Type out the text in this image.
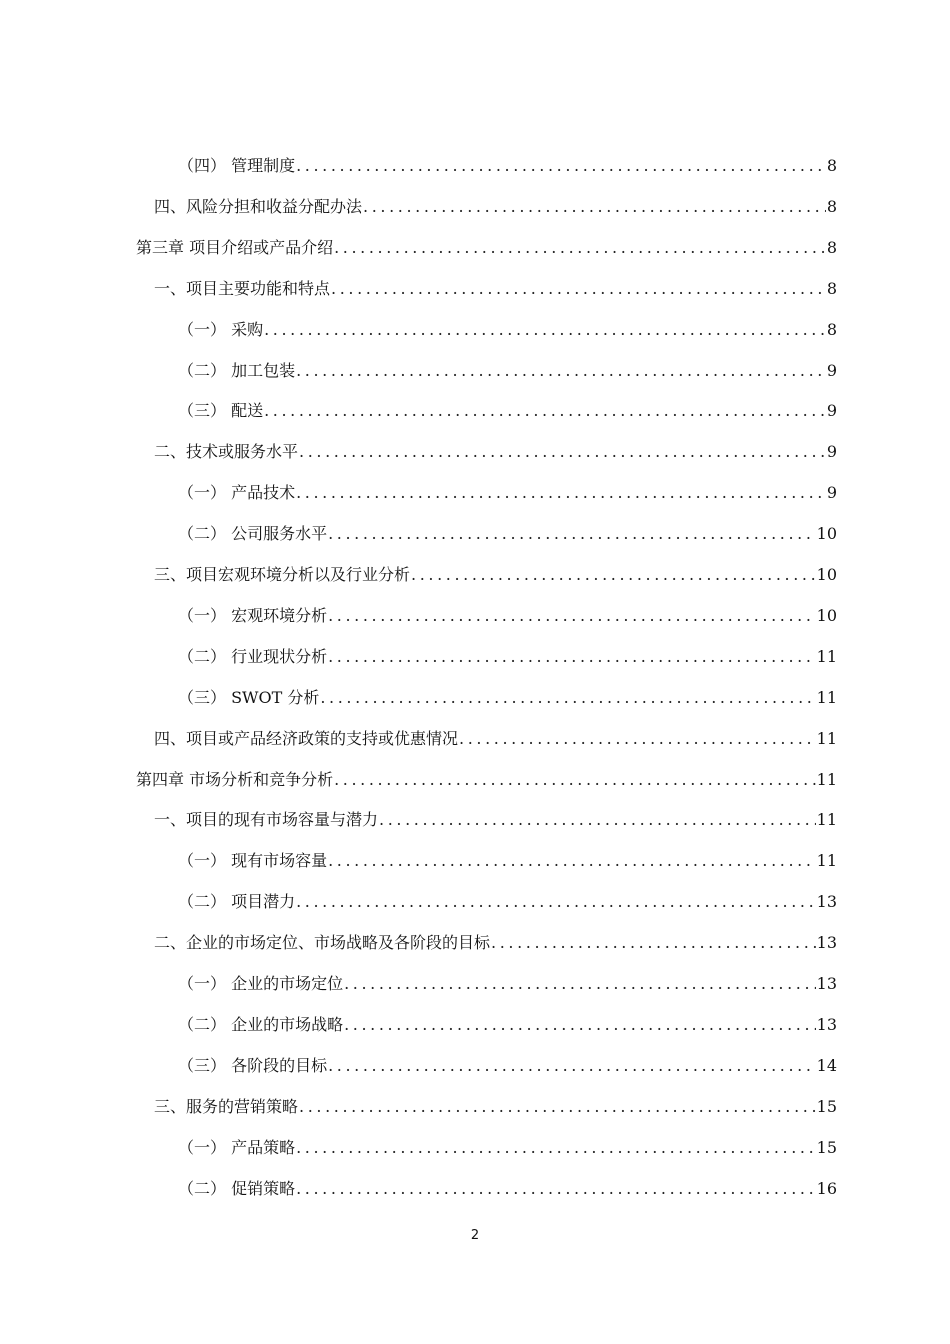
（四） 管理制度 .....	8
四、风险分担和收益分配办法 .....	8
第三章 项目介绍或产品介绍 .....	8
一、项目主要功能和特点 .....	8
（一） 采购 .....	8
（二） 加工包装 .....	9
（三） 配送 .....	9
二、技术或服务水平 .....	9
（一） 产品技术 .....	9
（二） 公司服务水平 .....	10
三、项目宏观环境分析以及行业分析 .....	10
（一） 宏观环境分析 .....	10
（二） 行业现状分析 .....	11
（三） SWOT 分析 .....	11
四、项目或产品经济政策的支持或优惠情况 .....	11
第四章 市场分析和竞争分析 .....	11
一、项目的现有市场容量与潜力 .....	11
（一） 现有市场容量 .....	11
（二） 项目潜力 .....	13
二、企业的市场定位、市场战略及各阶段的目标 .....	13
（一） 企业的市场定位 .....	13
（二） 企业的市场战略 .....	13
（三） 各阶段的目标 .....	14
三、服务的营销策略 .....	15
（一） 产品策略 .....	15
（二） 促销策略 .....	16
2
